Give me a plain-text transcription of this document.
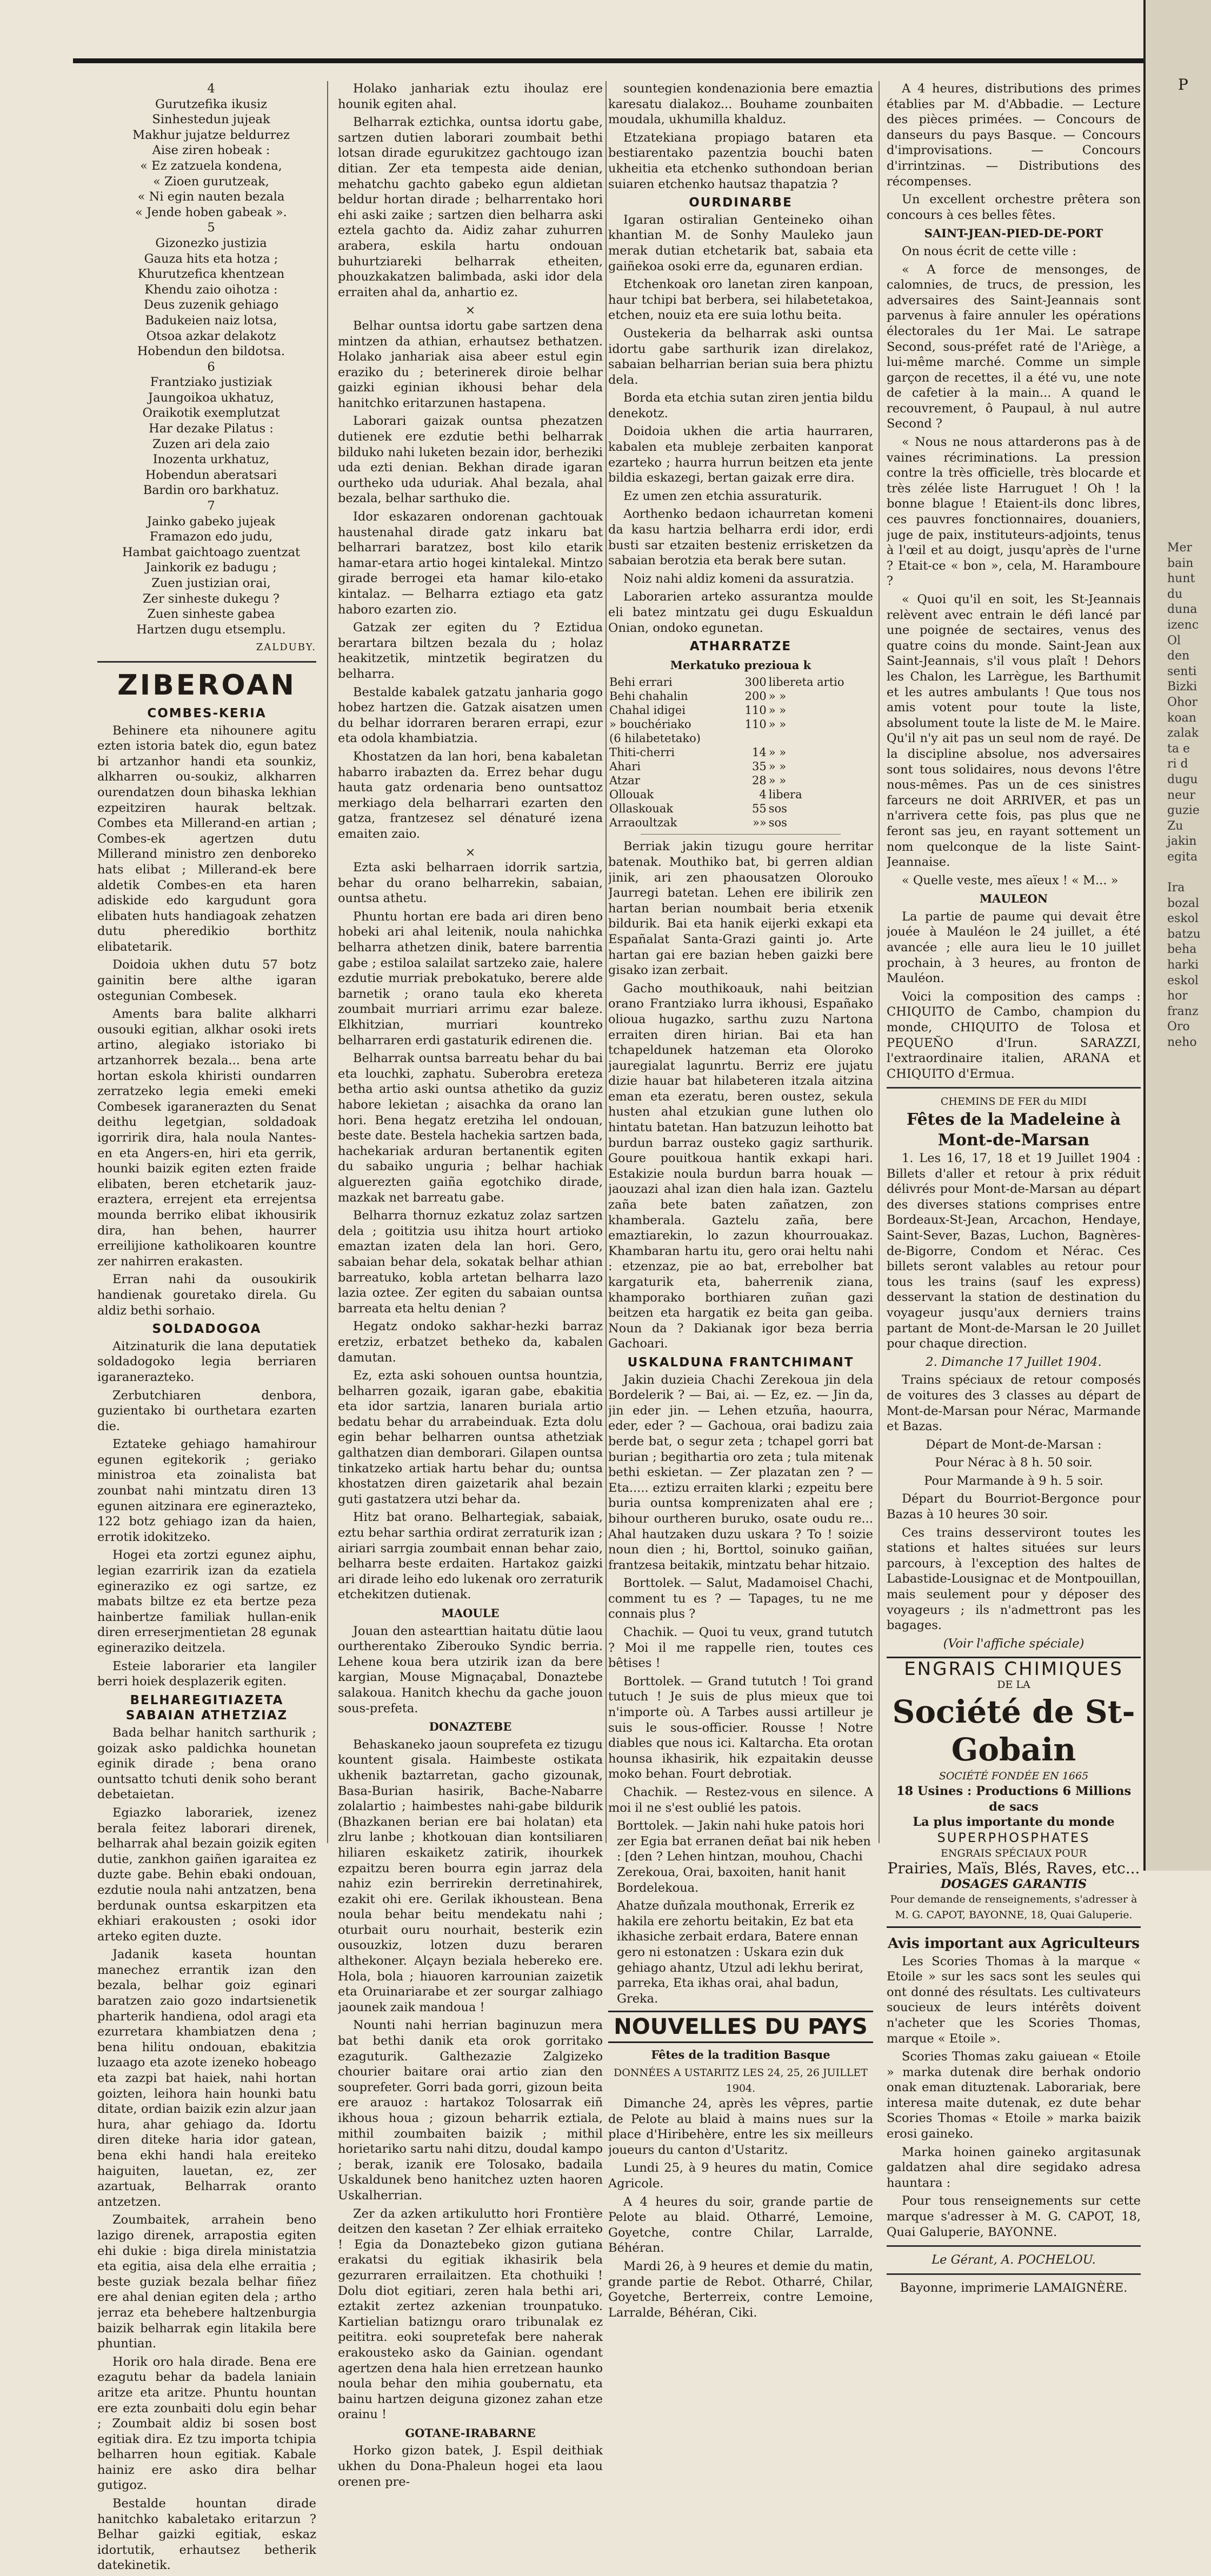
4
Gurutzefika ikusiz
Sinhestedun jujeak
Makhur jujatze beldurrez
Aise ziren hobeak :
« Ez zatzuela kondena,
« Zioen gurutzeak,
« Ni egin nauten bezala
« Jende hoben gabeak ».
5
Gizonezko justizia
Gauza hits eta hotza ;
Khurutzefica khentzean
Khendu zaio oihotza :
Deus zuzenik gehiago
Badukeien naiz lotsa,
Otsoa azkar delakotz
Hobendun den bildotsa.
6
Frantziako justiziak
Jaungoikoa ukhatuz,
Oraikotik exemplutzat
Har dezake Pilatus :
Zuzen ari dela zaio
Inozenta urkhatuz,
Hobendun aberatsari
Bardin oro barkhatuz.
7
Jainko gabeko jujeak
Framazon edo judu,
Hambat gaichtoago zuentzat
Jainkorik ez badugu ;
Zuen justizian orai,
Zer sinheste dukegu ?
Zuen sinheste gabea
Hartzen dugu etsemplu.

ZALDUBY.
ZIBEROAN
COMBES-KERIA

Behinere eta nihounere agitu ezten istoria batek dio, egun batez bi artzanhor handi eta sounkiz, alkharren ou-soukiz, alkharren ourendatzen doun bihaska lekhian ezpeitziren haurak beltzak. Combes eta Millerand-en artian ; Combes-ek agertzen dutu Millerand ministro zen denboreko hats elibat ; Millerand-ek bere aldetik Combes-en eta haren adiskide edo kargudunt gora elibaten huts handiagoak zehatzen dutu pheredikio borthitz elibatetarik.

Doidoia ukhen dutu 57 botz gainitin bere althe igaran ostegunian Combesek.

Aments bara balite alkharri ousouki egitian, alkhar osoki irets artino, alegiako istoriako bi artzanhorrek bezala... bena arte hortan eskola khiristi oundarren zerratzeko legia emeki emeki Combesek igaranerazten du Senat deithu legetgian, soldadoak igorririk dira, hala noula Nantes-en eta Angers-en, hiri eta gerrik, hounki baizik egiten ezten fraide elibaten, beren etchetarik jauz-eraztera, errejent eta errejentsa mounda berriko elibat ikhousirik dira, han behen, haurrer erreilijione katholikoaren kountre zer nahirren erakasten.

Erran nahi da ousoukirik handienak gouretako direla. Gu aldiz bethi sorhaio.

SOLDADOGOA

Aitzinaturik die lana deputatiek soldadogoko legia berriaren igaranerazteko.

Zerbutchiaren denbora, guzientako bi ourthetara ezarten die.

Eztateke gehiago hamahirour egunen egitekorik ; geriako ministroa eta zoinalista bat zounbat nahi mintzatu diren 13 egunen aitzinara ere eginerazteko, 122 botz gehiago izan da haien, errotik idokitzeko.

Hogei eta zortzi egunez aiphu, legian ezarririk izan da ezatiela egineraziko ez ogi sartze, ez mabats biltze ez eta bertze peza hainbertze familiak hullan-enik diren erreserjmentietan 28 egunak egineraziko deitzela.

Esteie laborarier eta langiler berri hoiek desplazerik egiten.

BELHAREGITIAZETA SABAIAN ATHETZIAZ

Bada belhar hanitch sarthurik ; goizak asko paldichka hounetan eginik dirade ; bena orano ountsatto tchuti denik soho berant debetaietan.

Egiazko laborariek, izenez berala feitez laborari direnek, belharrak ahal bezain goizik egiten dutie, zankhon gaiñen igaraitea ez duzte gabe. Behin ebaki ondouan, ezdutie noula nahi antzatzen, bena berdunak ountsa eskarpitzen eta ekhiari erakousten ; osoki idor arteko egiten duzte.

Jadanik kaseta hountan manechez errantik izan den bezala, belhar goiz eginari baratzen zaio gozo indartsienetik pharterik handiena, odol aragi eta ezurretara khambiatzen dena ; bena hilitu ondouan, ebakitzia luzaago eta azote izeneko hobeago eta zazpi bat haiek, nahi hortan goizten, leihora hain hounki batu ditate, ordian baizik ezin alzur jaan hura, ahar gehiago da. Idortu diren diteke haria idor gatean, bena ekhi handi hala ereiteko haiguiten, lauetan, ez, zer azartuak, Belharrak oranto antzetzen.

Zoumbaitek, arrahein beno lazigo direnek, arrapostia egiten ehi dukie : biga direla ministatzia eta egitia, aisa dela elhe erraitia ; beste guziak bezala belhar fiñez ere ahal denian egiten dela ; artho jerraz eta behebere haltzenburgia baizik belharrak egin litakila bere phuntian.

Horik oro hala dirade. Bena ere ezagutu behar da badela laniain aritze eta aritze. Phuntu hountan ere ezta zounbaiti dolu egin behar ; Zoumbait aldiz bi sosen bost egitiak dira. Ez tzu importa tchipia belharren houn egitiak. Kabale hainiz ere asko dira belhar gutigoz.

Bestalde hountan dirade hanitchko kabaletako eritarzun ? Belhar gaizki egitiak, eskaz idortutik, erhautsez betherik datekinetik.

Holako janhariak eztu ihoulaz ere hounik egiten ahal.

Belharrak eztichka, ountsa idortu gabe, sartzen dutien laborari zoumbait bethi lotsan dirade egurukitzez gachtougo izan ditian. Zer eta tempesta aide denian, mehatchu gachto gabeko egun aldietan beldur hortan dirade ; belharrentako hori ehi aski zaike ; sartzen dien belharra aski eztela gachto da. Aidiz zahar zuhurren arabera, eskila hartu ondouan buhurtziareki belharrak etheiten, phouzkakatzen balimbada, aski idor dela erraiten ahal da, anhartio ez.

×

Belhar ountsa idortu gabe sartzen dena mintzen da athian, erhautsez bethatzen. Holako janhariak aisa abeer estul egin eraziko du ; beterinerek diroie belhar gaizki eginian ikhousi behar dela hanitchko eritarzunen hastapena.

Laborari gaizak ountsa phezatzen dutienek ere ezdutie bethi belharrak bilduko nahi luketen bezain idor, berheziki uda ezti denian. Bekhan dirade igaran ourtheko uda uduriak. Ahal bezala, ahal bezala, belhar sarthuko die.

Idor eskazaren ondorenan gachtouak haustenahal dirade gatz inkaru bat belharrari baratzez, bost kilo etarik hamar-etara artio hogei kintalekal. Mintzo girade berrogei eta hamar kilo-etako kintalaz. — Belharra eztiago eta gatz haboro ezarten zio.

Gatzak zer egiten du ? Eztidua berartara biltzen bezala du ; holaz heakitzetik, mintzetik begiratzen du belharra.

Bestalde kabalek gatzatu janharia gogo hobez hartzen die. Gatzak aisatzen umen du belhar idorraren beraren errapi, ezur eta odola khambiatzia.

Khostatzen da lan hori, bena kabaletan habarro irabazten da. Errez behar dugu hauta gatz ordenaria beno ountsattoz merkiago dela belharrari ezarten den gatza, frantzesez sel dénaturé izena emaiten zaio.

×

Ezta aski belharraen idorrik sartzia, behar du orano belharrekin, sabaian, ountsa athetu.

Phuntu hortan ere bada ari diren beno hobeki ari ahal leitenik, noula nahichka belharra athetzen dinik, batere barrentia gabe ; estiloa salailat sartzeko zaie, halere ezdutie murriak prebokatuko, berere alde barnetik ; orano taula eko khereta zoumbait murriari arrimu ezar baleze. Elkhitzian, murriari kountreko belharraren erdi gastaturik edirenen die.

Belharrak ountsa barreatu behar du bai eta louchki, zaphatu. Suberobra ereteza betha artio aski ountsa athetiko da guziz habore lekietan ; aisachka da orano lan hori. Bena hegatz eretziha lel ondouan, beste date. Bestela hachekia sartzen bada, hachekariak arduran bertanentik egiten du sabaiko unguria ; belhar hachiak alguerezten gaiña egotchiko dirade, mazkak net barreatu gabe.

Belharra thornuz ezkatuz zolaz sartzen dela ; goititzia usu ihitza hourt artioko emaztan izaten dela lan hori. Gero, sabaian behar dela, sokatak belhar athian barreatuko, kobla artetan belharra lazo lazia ozteе. Zer egiten du sabaian ountsa barreata eta heltu denian ?

Hegatz ondoko sakhar-hezki barraz eretziz, erbatzet betheko da, kabalen damutan.

Ez, ezta aski sohouen ountsa hountzia, belharren gozaik, igaran gabe, ebakitia eta idor sartzia, lanaren buriala artio bedatu behar du arrabeinduak. Ezta dolu egin behar belharren ountsa athetziak galthatzen dian demborari. Gilapen ountsa tinkatzeko artiak hartu behar du; ountsa khostatzen diren gaizetarik ahal bezain guti gastatzera utzi behar da.

Hitz bat orano. Belhartegiak, sabaiak, eztu behar sarthia ordirat zerraturik izan ; airiari sarrgia zoumbait ennan behar zaio, belharra beste erdaiten. Hartakoz gaizki ari dirade leiho edo lukenak oro zerraturik etchekitzen dutienak.

MAOULE

Jouan den astearttian haitatu dütie laou ourtherentako Ziberouko Syndic berria. Lehene koua bera utzirik izan da bere kargian, Mouse Mignaçabal, Donaztebe salakoua. Hanitch khechu da gache jouon sous-prefeta.

DONAZTEBE

Behaskaneko jaoun souprefeta ez tizugu kountent gisala. Haimbeste ostikata ukhenik baztarretan, gacho gizounak, Basa-Burian hasirik, Bache-Nabarre zolalartio ; haimbestes nahi-gabe bildurik (Bhazkanen berian ere bai holatan) eta zlru lanbe ; khotkouan dian kontsiliaren hiliaren eskaiketz zatirik, ihourkek ezpaitzu beren bourra egin jarraz dela nahiz ezin berrirekin derretinahirek, ezakit ohi ere. Gerilak ikhoustean. Bena noula behar beitu mendekatu nahi ; oturbait ouru nourhait, besterik ezin ousouzkiz, lotzen duzu beraren althekoner. Alçayn beziala hebereko ere. Hola, bola ; hiauoren karrounian zaizetik eta Oruinariarabe et zer sourgar zalhiago jaounek zaik mandoua !

Nounti nahi herrian baginuzun mera bat bethi danik eta orok gorritako ezaguturik. Galthezazie Zalgizeko chourier baitare orai artio zian den souprefeter. Gorri bada gorri, gizoun beita ere arauoz : hartakoz Tolosarrak eiñ ikhous houa ; gizoun beharrik eztiala, mithil zoumbaiten baizik ; mithil horietariko sartu nahi ditzu, doudal kampo ; berak, izanik ere Tolosako, badaila Uskaldunek beno hanitchez uzten haoren Uskalherrian.

Zer da azken artikulutto hori Frontière deitzen den kasetan ? Zer elhiak erraiteko ! Egia da Donaztebeko gizon gutiana erakatsi du egitiak ikhasirik bela gezurraren errailaitzen. Eta chothuiki ! Dolu diot egitiari, zeren hala bethi ari, eztakit zertez azkenian trounpatuko. Kartielian batizngu oraro tribunalak ez peititra. eoki soupretefak bere naherak erakousteko asko da Gainian. ogendant agertzen dena hala hien erretzean haunko noula behar den mihia goubernatu, eta bainu hartzen deiguna gizonez zahan etze orainu !

GOTANE-IRABARNE

Horko gizon batek, J. Espil deithiak ukhen du Dona-Phaleun hogei eta laou orenen pre-

sountegien kondenazionia bere emaztia karesatu dialakoz... Bouhame zounbaiten moudala, ukhumilla khalduz.

Etzatekiana propiago bataren eta bestiarentako pazentzia bouchi baten ukheitia eta etchenko suthondoan berian suiaren etchenko hautsaz thapatzia ?

OURDINARBE

Igaran ostiralian Genteineko oihan khantian M. de Sonhy Mauleko jaun merak dutian etchetarik bat, sabaia eta gaiñekoa osoki erre da, egunaren erdian.

Etchenkoak oro lanetan ziren kanpoan, haur tchipi bat berbera, sei hilabetetakoa, etchen, nouiz eta ere suia lothu beita.

Oustekeria da belharrak aski ountsa idortu gabe sarthurik izan direlakoz, sabaian belharrian berian suia bera phiztu dela.

Borda eta etchia sutan ziren jentia bildu denekotz.

Doidoia ukhen die artia haurraren, kabalen eta mubleje zerbaiten kanporat ezarteko ; haurra hurrun beitzen eta jente bildia eskazegi, bertan gaizak erre dira.

Ez umen zen etchia assuraturik.

Aorthenko bedaon ichaurretan komeni da kasu hartzia belharra erdi idor, erdi busti sar etzaiten besteniz errisketzen da sabaian berotzia eta berak bere sutan.

Noiz nahi aldiz komeni da assuratzia.

Laborarien arteko assurantza moulde eli batez mintzatu gei dugu Eskualdun Onian, ondoko egunetan.

ATHARRATZE
Merkatuko prezioua k
Behi errari	300	libereta artio
Behi chahalin	200	» »
Chahal idigei	110	» »
» bouchériako	110	» »
(6 hilabetetako)		
Thiti-cherri	14	» »
Ahari	35	» »
Atzar	28	» »
Ollouak	4	libera
Ollaskouak	55	sos
Arraoultzak	»»	sos

Berriak jakin tizugu goure herritar batenak. Mouthiko bat, bi gerren aldian jinik, ari zen phaousatzen Olorouko Jaurregi batetan. Lehen ere ibilirik zen hartan berian noumbait beria etxenik bildurik. Bai eta hanik eijerki exkapi eta Españalat Santa-Grazi gainti jo. Arte hartan gai ere bazian heben gaizki bere gisako izan zerbait.

Gacho mouthikoauk, nahi beitzian orano Frantziako lurra ikhousi, Españako olioua hugazko, sarthu zuzu Nartona erraiten diren hirian. Bai eta han tchapeldunek hatzeman eta Oloroko jauregialat lagunrtu. Berriz ere jujatu dizie hauar bat hilabeteren itzala aitzina eman eta ezeratu, beren oustez, sekula husten ahal etzukian gune luthen olo hintatu batetan. Han batzuzun leihotto bat burdun barraz ousteko gagiz sarthurik. Goure pouitkoua hantik exkapi hari. Estakizie noula burdun barra houak — jaouzazi ahal izan dien hala izan. Gaztelu zaña bete baten zañatzen, zon khamberala. Gaztelu zaña, bere emaztiarekin, lo zazun khourrouakaz. Khambaran hartu itu, gero orai heltu nahi : etzenzaz, pie ao bat, errebolher bat kargaturik eta, baherrenik ziana, khamporako borthiaren zuñan gazi beitzen eta hargatik ez beita gan geiba. Noun da ? Dakianak igor beza berria Gachoari.

USKALDUNA FRANTCHIMANT

Jakin duzieia Chachi Zerekoua jin dela Bordelerik ? — Bai, ai. — Ez, ez. — Jin da, jin eder jin. — Lehen etzuña, haourra, eder, eder ? — Gachoua, orai badizu zaia berde bat, o segur zeta ; tchapel gorri bat burian ; begithartia oro zeta ; tula mitenak bethi eskietan. — Zer plazatan zen ? — Eta..... eztizu erraiten klarki ; ezpeitu bere buria ountsa komprenizaten ahal ere ; bihour ourtheren buruko, osate oudu re... Ahal hautzaken duzu uskara ? To ! soizie noun dien ; hi, Borttol, soinuko gaiñan, frantzesa beitakik, mintzatu behar hitzaio.

Borttolek. — Salut, Madamoisel Chachi, comment tu es ? — Tapages, tu ne me connais plus ?

Chachik. — Quoi tu veux, grand tututch ? Moi il me rappelle rien, toutes ces bêtises !

Borttolek. — Grand tututch ! Toi grand tutuch ! Je suis de plus mieux que toi n'importe où. A Tarbes aussi artilleur je suis le sous-officier. Rousse ! Notre diables que nous ici. Kaltarcha. Eta orotan hounsa ikhasirik, hik ezpaitakin deusse moko behan. Fourt debrotiak.

Chachik. — Restez-vous en silence. A moi il ne s'est oublié les patois.

Borttolek. — Jakin nahi huke patois hori zer Egia bat erranen deñat bai nik heben : [den ? Lehen hintzan, mouhou, Chachi Zerekoua, Orai, baxoiten, hanit hanit Bordelekoua.

Ahatze duñzala mouthonak, Errerik ez hakila ere zehortu beitakin, Ez bat eta ikhasiche zerbait erdara, Batere ennan gero ni estonatzen : Uskara ezin duk gehiago ahantz, Utzul adi lekhu berirat, parreka, Eta ikhas orai, ahal badun, Greka.

NOUVELLES DU PAYS
Fêtes de la tradition Basque
DONNÉES A USTARITZ LES 24, 25, 26 JUILLET 1904.

Dimanche 24, après les vêpres, partie de Pelote au blaid à mains nues sur la place d'Hiribehère, entre les six meilleurs joueurs du canton d'Ustaritz.

Lundi 25, à 9 heures du matin, Comice Agricole.

A 4 heures du soir, grande partie de Pelote au blaid. Otharré, Lemoine, Goyetche, contre Chilar, Larralde, Béhéran.

Mardi 26, à 9 heures et demie du matin, grande partie de Rebot. Otharré, Chilar, Goyetche, Berterreix, contre Lemoine, Larralde, Béhéran, Ciki.

A 4 heures, distributions des primes établies par M. d'Abbadie. — Lecture des pièces primées. — Concours de danseurs du pays Basque. — Concours d'improvisations. — Concours d'irrintzinas. — Distributions des récompenses.

Un excellent orchestre prêtera son concours à ces belles fêtes.

SAINT-JEAN-PIED-DE-PORT

On nous écrit de cette ville :

« A force de mensonges, de calomnies, de trucs, de pression, les adversaires des Saint-Jeannais sont parvenus à faire annuler les opérations électorales du 1er Mai. Le satrape Second, sous-préfet raté de l'Ariège, a lui-même marché. Comme un simple garçon de recettes, il a été vu, une note de cafetier à la main... A quand le recouvrement, ô Paupaul, à nul autre Second ?

« Nous ne nous attarderons pas à de vaines récriminations. La pression contre la très officielle, très blocarde et très zélée liste Harruguet ! Oh ! la bonne blague ! Etaient-ils donc libres, ces pauvres fonctionnaires, douaniers, juge de paix, instituteurs-adjoints, tenus à l'œil et au doigt, jusqu'après de l'urne ? Etait-ce « bon », cela, M. Haramboure ?

« Quoi qu'il en soit, les St-Jeannais relèvent avec entrain le défi lancé par une poignée de sectaires, venus des quatre coins du monde. Saint-Jean aux Saint-Jeannais, s'il vous plaît ! Dehors les Chalon, les Larrègue, les Barthumit et les autres ambulants ! Que tous nos amis votent pour toute la liste, absolument toute la liste de M. le Maire. Qu'il n'y ait pas un seul nom de rayé. De la discipline absolue, nos adversaires sont tous solidaires, nous devons l'être nous-mêmes. Pas un de ces sinistres farceurs ne doit ARRIVER, et pas un n'arrivera cette fois, pas plus que ne feront sas jeu, en rayant sottement un nom quelconque de la liste Saint-Jeannaise.

« Quelle veste, mes aïeux ! « M... »

MAULEON

La partie de paume qui devait être jouée à Mauléon le 24 juillet, a été avancée ; elle aura lieu le 10 juillet prochain, à 3 heures, au fronton de Mauléon.

Voici la composition des camps : CHIQUITO de Cambo, champion du monde, CHIQUITO de Tolosa et PEQUEÑO d'Irun. SARAZZI, l'extraordinaire italien, ARANA et CHIQUITO d'Ermua.

CHEMINS DE FER du MIDI
Fêtes de la Madeleine à Mont-de-Marsan

1. Les 16, 17, 18 et 19 Juillet 1904 : Billets d'aller et retour à prix réduit délivrés pour Mont-de-Marsan au départ des diverses stations comprises entre Bordeaux-St-Jean, Arcachon, Hendaye, Saint-Sever, Bazas, Luchon, Bagnères-de-Bigorre, Condom et Nérac. Ces billets seront valables au retour pour tous les trains (sauf les express) desservant la station de destination du voyageur jusqu'aux derniers trains partant de Mont-de-Marsan le 20 Juillet pour chaque direction.

2. Dimanche 17 Juillet 1904.

Trains spéciaux de retour composés de voitures des 3 classes au départ de Mont-de-Marsan pour Nérac, Marmande et Bazas.

Départ de Mont-de-Marsan :

Pour Nérac à 8 h. 50 soir.

Pour Marmande à 9 h. 5 soir.

Départ du Bourriot-Bergonce pour Bazas à 10 heures 30 soir.

Ces trains desserviront toutes les stations et haltes situées sur leurs parcours, à l'exception des haltes de Labastide-Lousignac et de Montpouillan, mais seulement pour y déposer des voyageurs ; ils n'admettront pas les bagages.

(Voir l'affiche spéciale)

ENGRAIS CHIMIQUES
DE LA
Société de St-Gobain
SOCIÉTÉ FONDÉE EN 1665
18 Usines : Productions 6 Millions de sacs
La plus importante du monde
SUPERPHOSPHATES
ENGRAIS SPÉCIAUX POUR
Prairies, Maïs, Blés, Raves, etc...
DOSAGES GARANTIS
Pour demande de renseignements, s'adresser à M. G. CAPOT, BAYONNE, 18, Quai Galuperie.
Avis important aux Agriculteurs

Les Scories Thomas à la marque « Etoile » sur les sacs sont les seules qui ont donné des résultats. Les cultivateurs soucieux de leurs intérêts doivent n'acheter que les Scories Thomas, marque « Etoile ».

Scories Thomas zaku gaiuean « Etoile » marka dutenak dire berhak ondorio onak eman dituztenak. Laborariak, bere interesa maite dutenak, ez dute behar Scories Thomas « Etoile » marka baizik erosi gaineko.

Marka hoinen gaineko argitasunak galdatzen ahal dire segidako adresa hauntara :

Pour tous renseignements sur cette marque s'adresser à M. G. CAPOT, 18, Quai Galuperie, BAYONNE.

Le Gérant, A. POCHELOU.
Bayonne, imprimerie LAMAIGNÈRE.
P
Mer
bain
hunt
du
duna
izenc
Ol
den
senti
Bizki
Ohor
koan
zalak
ta e
ri d
dugu
neur
guzie
Zu
jakin
egita

Ira
bozal
eskol
batzu
beha
harki
eskol
hor
franz
Oro
neho
